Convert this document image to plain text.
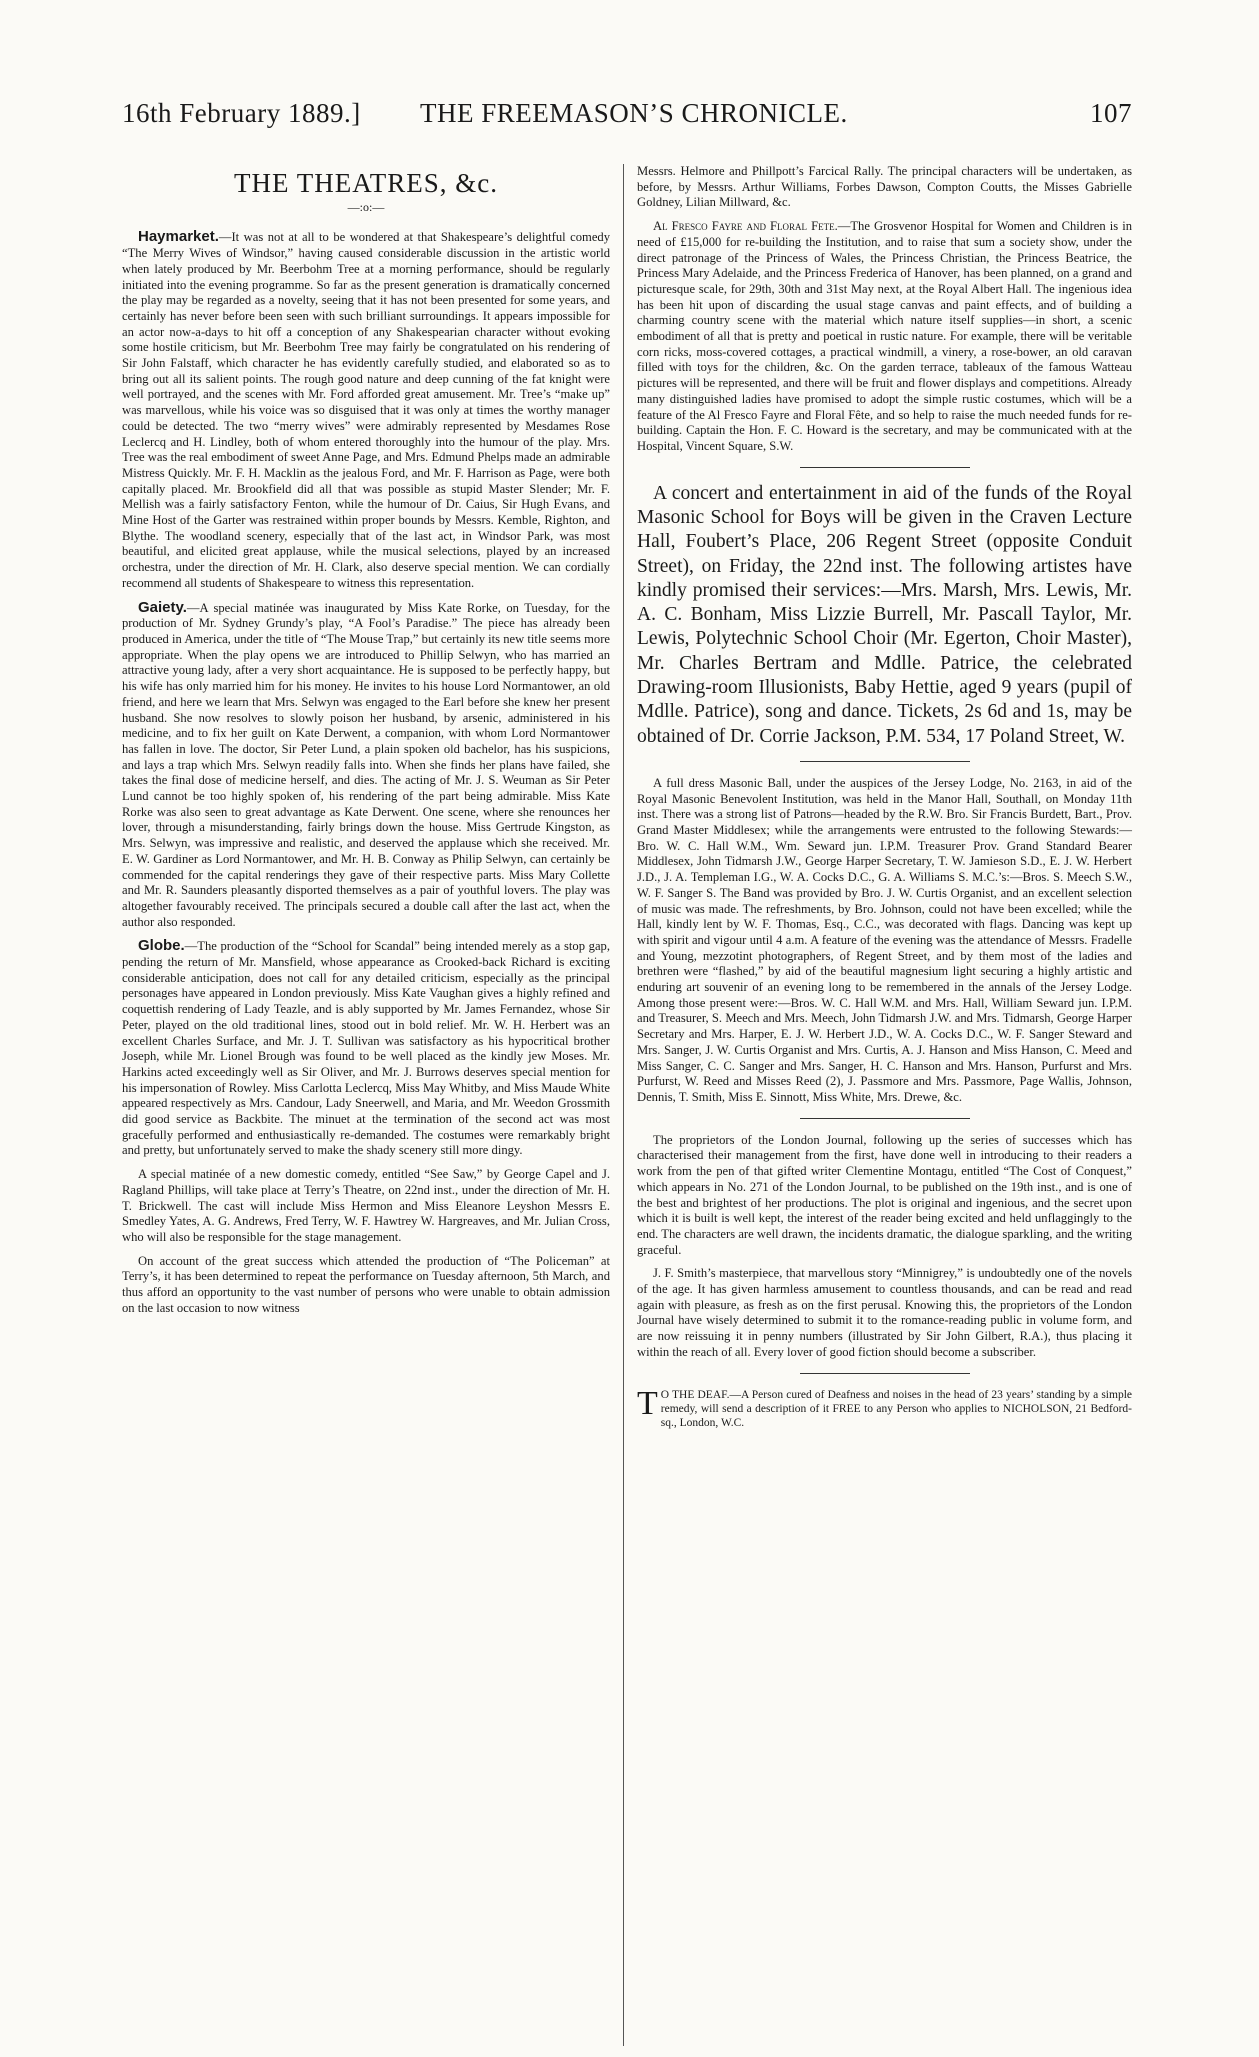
16th February 1889.] THE FREEMASON’S CHRONICLE.	107
THE THEATRES, &c.
—:o:—

Haymarket.—It was not at all to be wondered at that Shakespeare’s delightful comedy “The Merry Wives of Windsor,” having caused considerable discussion in the artistic world when lately produced by Mr. Beerbohm Tree at a morning performance, should be regularly initiated into the evening programme. So far as the present generation is dramatically concerned the play may be regarded as a novelty, seeing that it has not been presented for some years, and certainly has never before been seen with such brilliant surroundings. It appears impossible for an actor now-a-days to hit off a conception of any Shakespearian character without evoking some hostile criticism, but Mr. Beerbohm Tree may fairly be congratulated on his rendering of Sir John Falstaff, which character he has evidently carefully studied, and elaborated so as to bring out all its salient points. The rough good nature and deep cunning of the fat knight were well portrayed, and the scenes with Mr. Ford afforded great amusement. Mr. Tree’s “make up” was marvellous, while his voice was so disguised that it was only at times the worthy manager could be detected. The two “merry wives” were admirably represented by Mesdames Rose Leclercq and H. Lindley, both of whom entered thoroughly into the humour of the play. Mrs. Tree was the real embodiment of sweet Anne Page, and Mrs. Edmund Phelps made an admirable Mistress Quickly. Mr. F. H. Macklin as the jealous Ford, and Mr. F. Harrison as Page, were both capitally placed. Mr. Brookfield did all that was possible as stupid Master Slender; Mr. F. Mellish was a fairly satisfactory Fenton, while the humour of Dr. Caius, Sir Hugh Evans, and Mine Host of the Garter was restrained within proper bounds by Messrs. Kemble, Righton, and Blythe. The woodland scenery, especially that of the last act, in Windsor Park, was most beautiful, and elicited great applause, while the musical selections, played by an increased orchestra, under the direction of Mr. H. Clark, also deserve special mention. We can cordially recommend all students of Shakespeare to witness this representation.

Gaiety.—A special matinée was inaugurated by Miss Kate Rorke, on Tuesday, for the production of Mr. Sydney Grundy’s play, “A Fool’s Paradise.” The piece has already been produced in America, under the title of “The Mouse Trap,” but certainly its new title seems more appropriate. When the play opens we are introduced to Phillip Selwyn, who has married an attractive young lady, after a very short acquaintance. He is supposed to be perfectly happy, but his wife has only married him for his money. He invites to his house Lord Normantower, an old friend, and here we learn that Mrs. Selwyn was engaged to the Earl before she knew her present husband. She now resolves to slowly poison her husband, by arsenic, administered in his medicine, and to fix her guilt on Kate Derwent, a companion, with whom Lord Normantower has fallen in love. The doctor, Sir Peter Lund, a plain spoken old bachelor, has his suspicions, and lays a trap which Mrs. Selwyn readily falls into. When she finds her plans have failed, she takes the final dose of medicine herself, and dies. The acting of Mr. J. S. Weuman as Sir Peter Lund cannot be too highly spoken of, his rendering of the part being admirable. Miss Kate Rorke was also seen to great advantage as Kate Derwent. One scene, where she renounces her lover, through a misunderstanding, fairly brings down the house. Miss Gertrude Kingston, as Mrs. Selwyn, was impressive and realistic, and deserved the applause which she received. Mr. E. W. Gardiner as Lord Normantower, and Mr. H. B. Conway as Philip Selwyn, can certainly be commended for the capital renderings they gave of their respective parts. Miss Mary Collette and Mr. R. Saunders pleasantly disported themselves as a pair of youthful lovers. The play was altogether favourably received. The principals secured a double call after the last act, when the author also responded.

Globe.—The production of the “School for Scandal” being intended merely as a stop gap, pending the return of Mr. Mansfield, whose appearance as Crooked-back Richard is exciting considerable anticipation, does not call for any detailed criticism, especially as the principal personages have appeared in London previously. Miss Kate Vaughan gives a highly refined and coquettish rendering of Lady Teazle, and is ably supported by Mr. James Fernandez, whose Sir Peter, played on the old traditional lines, stood out in bold relief. Mr. W. H. Herbert was an excellent Charles Surface, and Mr. J. T. Sullivan was satisfactory as his hypocritical brother Joseph, while Mr. Lionel Brough was found to be well placed as the kindly jew Moses. Mr. Harkins acted exceedingly well as Sir Oliver, and Mr. J. Burrows deserves special mention for his impersonation of Rowley. Miss Carlotta Leclercq, Miss May Whitby, and Miss Maude White appeared respectively as Mrs. Candour, Lady Sneerwell, and Maria, and Mr. Weedon Grossmith did good service as Backbite. The minuet at the termination of the second act was most gracefully performed and enthusiastically re-demanded. The costumes were remarkably bright and pretty, but unfortunately served to make the shady scenery still more dingy.

A special matinée of a new domestic comedy, entitled “See Saw,” by George Capel and J. Ragland Phillips, will take place at Terry’s Theatre, on 22nd inst., under the direction of Mr. H. T. Brickwell. The cast will include Miss Hermon and Miss Eleanore Leyshon Messrs E. Smedley Yates, A. G. Andrews, Fred Terry, W. F. Hawtrey W. Hargreaves, and Mr. Julian Cross, who will also be responsible for the stage management.

On account of the great success which attended the production of “The Policeman” at Terry’s, it has been determined to repeat the performance on Tuesday afternoon, 5th March, and thus afford an opportunity to the vast number of persons who were unable to obtain admission on the last occasion to now witness

Messrs. Helmore and Phillpott’s Farcical Rally. The principal characters will be undertaken, as before, by Messrs. Arthur Williams, Forbes Dawson, Compton Coutts, the Misses Gabrielle Goldney, Lilian Millward, &c.

Al Fresco Fayre and Floral Fete.—The Grosvenor Hospital for Women and Children is in need of £15,000 for re-building the Institution, and to raise that sum a society show, under the direct patronage of the Princess of Wales, the Princess Christian, the Princess Beatrice, the Princess Mary Adelaide, and the Princess Frederica of Hanover, has been planned, on a grand and picturesque scale, for 29th, 30th and 31st May next, at the Royal Albert Hall. The ingenious idea has been hit upon of discarding the usual stage canvas and paint effects, and of building a charming country scene with the material which nature itself supplies—in short, a scenic embodiment of all that is pretty and poetical in rustic nature. For example, there will be veritable corn ricks, moss-covered cottages, a practical windmill, a vinery, a rose-bower, an old caravan filled with toys for the children, &c. On the garden terrace, tableaux of the famous Watteau pictures will be represented, and there will be fruit and flower displays and competitions. Already many distinguished ladies have promised to adopt the simple rustic costumes, which will be a feature of the Al Fresco Fayre and Floral Fête, and so help to raise the much needed funds for re-building. Captain the Hon. F. C. Howard is the secretary, and may be communicated with at the Hospital, Vincent Square, S.W.

A concert and entertainment in aid of the funds of the Royal Masonic School for Boys will be given in the Craven Lecture Hall, Foubert’s Place, 206 Regent Street (opposite Conduit Street), on Friday, the 22nd inst. The following artistes have kindly promised their services:—Mrs. Marsh, Mrs. Lewis, Mr. A. C. Bonham, Miss Lizzie Burrell, Mr. Pascall Taylor, Mr. Lewis, Polytechnic School Choir (Mr. Egerton, Choir Master), Mr. Charles Bertram and Mdlle. Patrice, the celebrated Drawing-room Illusionists, Baby Hettie, aged 9 years (pupil of Mdlle. Patrice), song and dance. Tickets, 2s 6d and 1s, may be obtained of Dr. Corrie Jackson, P.M. 534, 17 Poland Street, W.

A full dress Masonic Ball, under the auspices of the Jersey Lodge, No. 2163, in aid of the Royal Masonic Benevolent Institution, was held in the Manor Hall, Southall, on Monday 11th inst. There was a strong list of Patrons—headed by the R.W. Bro. Sir Francis Burdett, Bart., Prov. Grand Master Middlesex; while the arrangements were entrusted to the following Stewards:—Bro. W. C. Hall W.M., Wm. Seward jun. I.P.M. Treasurer Prov. Grand Standard Bearer Middlesex, John Tidmarsh J.W., George Harper Secretary, T. W. Jamieson S.D., E. J. W. Herbert J.D., J. A. Templeman I.G., W. A. Cocks D.C., G. A. Williams S. M.C.’s:—Bros. S. Meech S.W., W. F. Sanger S. The Band was provided by Bro. J. W. Curtis Organist, and an excellent selection of music was made. The refreshments, by Bro. Johnson, could not have been excelled; while the Hall, kindly lent by W. F. Thomas, Esq., C.C., was decorated with flags. Dancing was kept up with spirit and vigour until 4 a.m. A feature of the evening was the attendance of Messrs. Fradelle and Young, mezzotint photographers, of Regent Street, and by them most of the ladies and brethren were “flashed,” by aid of the beautiful magnesium light securing a highly artistic and enduring art souvenir of an evening long to be remembered in the annals of the Jersey Lodge. Among those present were:—Bros. W. C. Hall W.M. and Mrs. Hall, William Seward jun. I.P.M. and Treasurer, S. Meech and Mrs. Meech, John Tidmarsh J.W. and Mrs. Tidmarsh, George Harper Secretary and Mrs. Harper, E. J. W. Herbert J.D., W. A. Cocks D.C., W. F. Sanger Steward and Mrs. Sanger, J. W. Curtis Organist and Mrs. Curtis, A. J. Hanson and Miss Hanson, C. Meed and Miss Sanger, C. C. Sanger and Mrs. Sanger, H. C. Hanson and Mrs. Hanson, Purfurst and Mrs. Purfurst, W. Reed and Misses Reed (2), J. Passmore and Mrs. Passmore, Page Wallis, Johnson, Dennis, T. Smith, Miss E. Sinnott, Miss White, Mrs. Drewe, &c.

The proprietors of the London Journal, following up the series of successes which has characterised their management from the first, have done well in introducing to their readers a work from the pen of that gifted writer Clementine Montagu, entitled “The Cost of Conquest,” which appears in No. 271 of the London Journal, to be published on the 19th inst., and is one of the best and brightest of her productions. The plot is original and ingenious, and the secret upon which it is built is well kept, the interest of the reader being excited and held unflaggingly to the end. The characters are well drawn, the incidents dramatic, the dialogue sparkling, and the writing graceful.

J. F. Smith’s masterpiece, that marvellous story “Minnigrey,” is undoubtedly one of the novels of the age. It has given harmless amusement to countless thousands, and can be read and read again with pleasure, as fresh as on the first perusal. Knowing this, the proprietors of the London Journal have wisely determined to submit it to the romance-reading public in volume form, and are now reissuing it in penny numbers (illustrated by Sir John Gilbert, R.A.), thus placing it within the reach of all. Every lover of good fiction should become a subscriber.

T O THE DEAF.—A Person cured of Deafness and noises in the head of 23 years’ standing by a simple remedy, will send a description of it FREE to any Person who applies to NICHOLSON, 21 Bedford-sq., London, W.C.
